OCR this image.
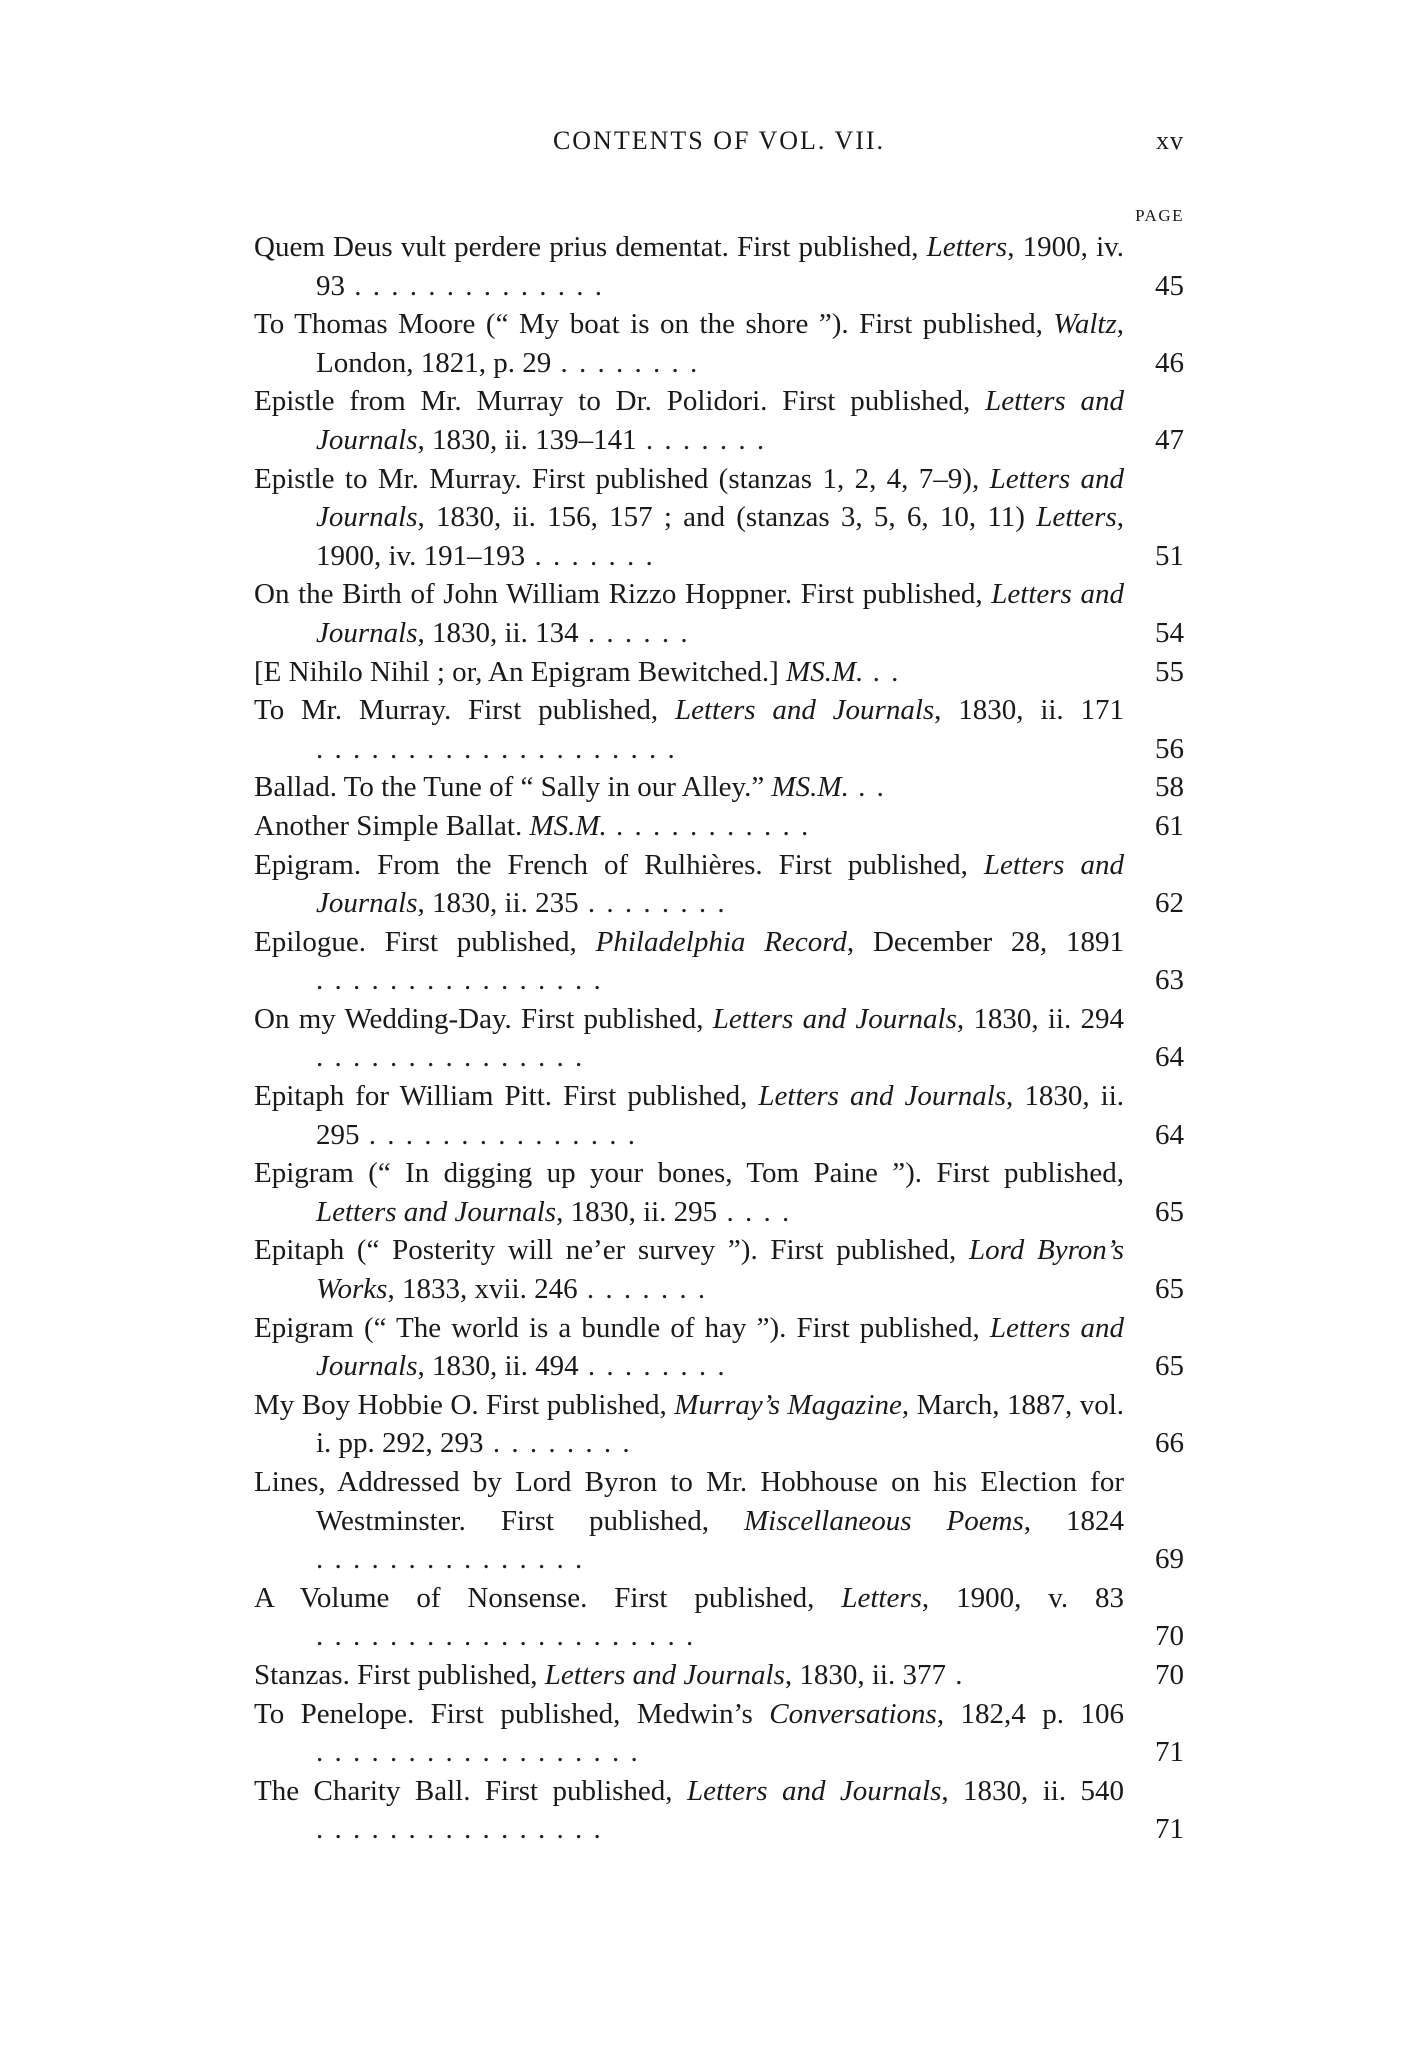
CONTENTS OF VOL. VII.	xv
PAGE
Quem Deus vult perdere prius dementat. First published, Letters, 1900, iv. 93 . . . . . . . . . . . . . .	45
To Thomas Moore (“ My boat is on the shore ”). First published, Waltz, London, 1821, p. 29 . . . . . . . .	46
Epistle from Mr. Murray to Dr. Polidori. First published, Letters and Journals, 1830, ii. 139–141 . . . . . . .	47
Epistle to Mr. Murray. First published (stanzas 1, 2, 4, 7–9), Letters and Journals, 1830, ii. 156, 157 ; and (stanzas 3, 5, 6, 10, 11) Letters, 1900, iv. 191–193 . . . . . . .	51
On the Birth of John William Rizzo Hoppner. First published, Letters and Journals, 1830, ii. 134 . . . . . .	54
[E Nihilo Nihil ; or, An Epigram Bewitched.] MS.M. . .	55
To Mr. Murray. First published, Letters and Journals, 1830, ii. 171 . . . . . . . . . . . . . . . . . . . .	56
Ballad. To the Tune of “ Sally in our Alley.” MS.M. . .	58
Another Simple Ballat. MS.M. . . . . . . . . . . .	61
Epigram. From the French of Rulhières. First published, Letters and Journals, 1830, ii. 235 . . . . . . . .	62
Epilogue. First published, Philadelphia Record, December 28, 1891 . . . . . . . . . . . . . . . .	63
On my Wedding-Day. First published, Letters and Journals, 1830, ii. 294 . . . . . . . . . . . . . . .	64
Epitaph for William Pitt. First published, Letters and Journals, 1830, ii. 295 . . . . . . . . . . . . . . .	64
Epigram (“ In digging up your bones, Tom Paine ”). First published, Letters and Journals, 1830, ii. 295 . . . .	65
Epitaph (“ Posterity will ne’er survey ”). First published, Lord Byron’s Works, 1833, xvii. 246 . . . . . . .	65
Epigram (“ The world is a bundle of hay ”). First published, Letters and Journals, 1830, ii. 494 . . . . . . . .	65
My Boy Hobbie O. First published, Murray’s Magazine, March, 1887, vol. i. pp. 292, 293 . . . . . . . .	66
Lines, Addressed by Lord Byron to Mr. Hobhouse on his Election for Westminster. First published, Miscellaneous Poems, 1824 . . . . . . . . . . . . . . .	69
A Volume of Nonsense. First published, Letters, 1900, v. 83 . . . . . . . . . . . . . . . . . . . . .	70
Stanzas. First published, Letters and Journals, 1830, ii. 377 .	70
To Penelope. First published, Medwin’s Conversations, 182,4 p. 106 . . . . . . . . . . . . . . . . . .	71
The Charity Ball. First published, Letters and Journals, 1830, ii. 540 . . . . . . . . . . . . . . . .	71
